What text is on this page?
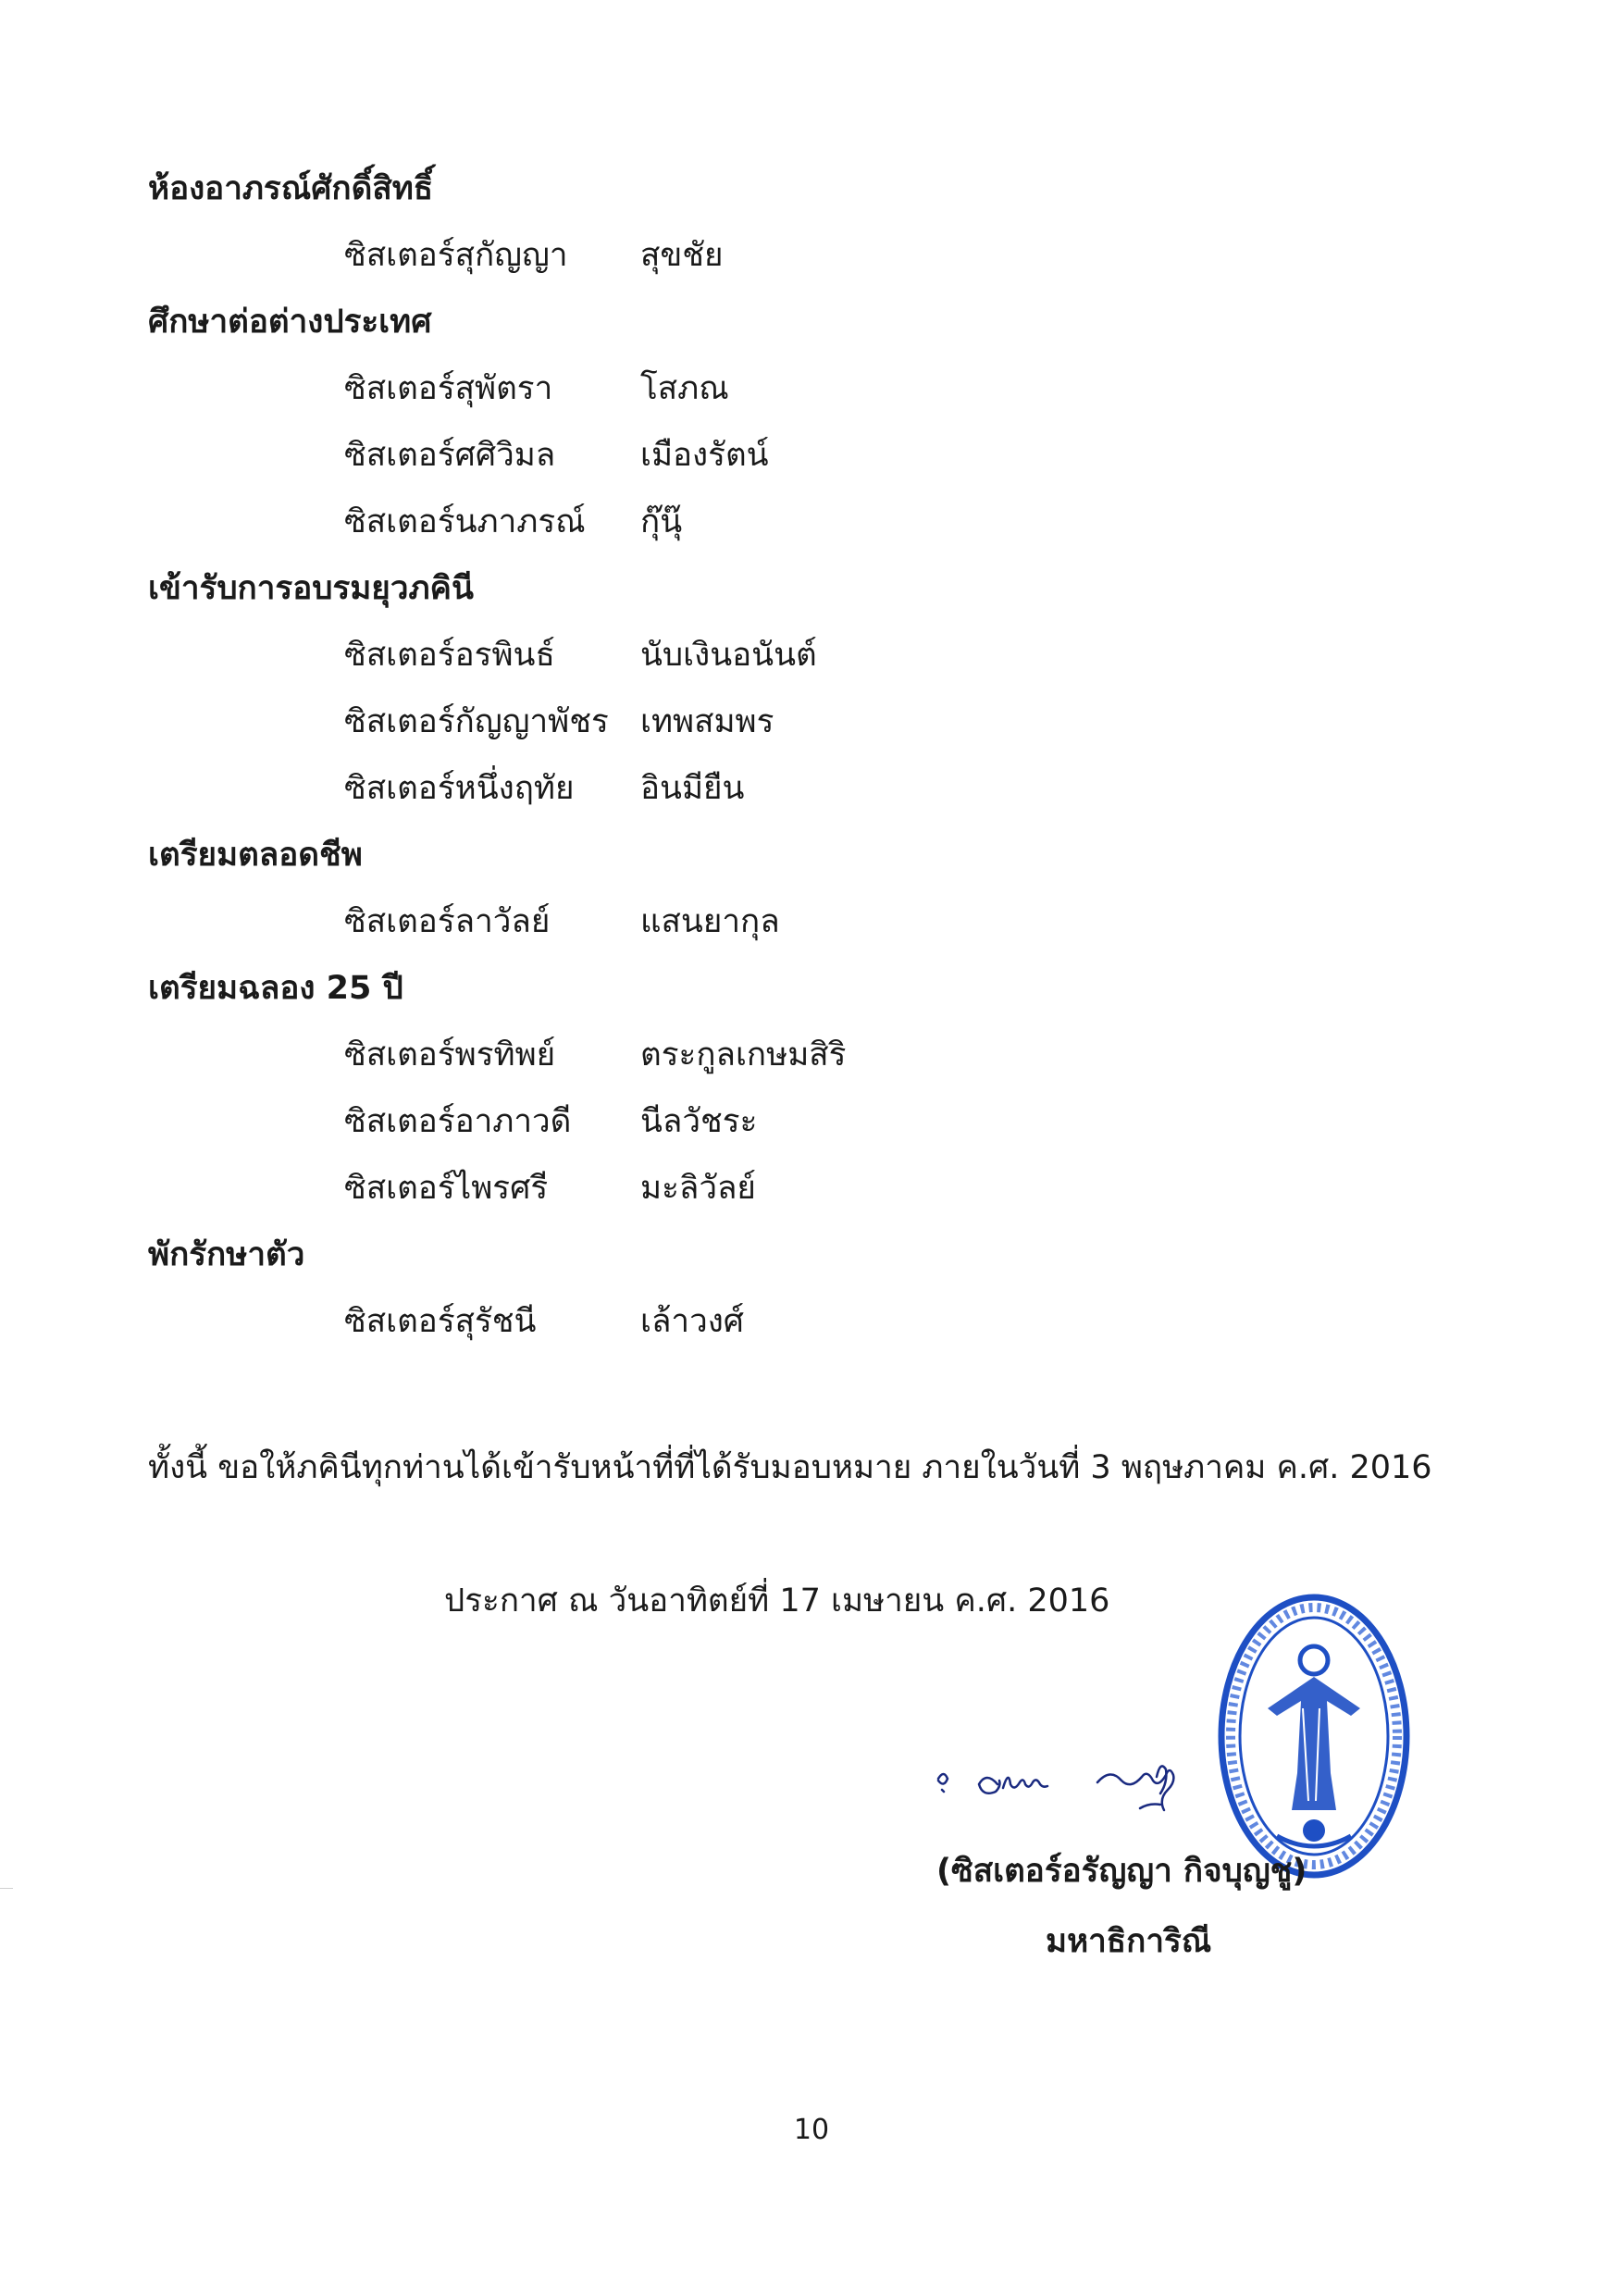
ห้องอาภรณ์ศักดิ์สิทธิ์
ซิสเตอร์สุกัญญา สุขชัย
ศึกษาต่อต่างประเทศ
ซิสเตอร์สุพัตรา	โสภณ
ซิสเตอร์ศศิวิมล	เมืองรัตน์
ซิสเตอร์นภาภรณ์ กุ๊นุ๊
เข้ารับการอบรมยุวภคินี
ซิสเตอร์อรพินธ์	นับเงินอนันต์
ซิสเตอร์กัญญาพัชร เทพสมพร
ซิสเตอร์หนึ่งฤทัย อินมียืน
เตรียมตลอดชีพ
ซิสเตอร์ลาวัลย์	แสนยากุล
เตรียมฉลอง 25 ปี
ซิสเตอร์พรทิพย์	ตระกูลเกษมสิริ
ซิสเตอร์อาภาวดี นีลวัชระ
ซิสเตอร์ไพรศรี	มะลิวัลย์
พักรักษาตัว
ซิสเตอร์สุรัชนี	เล้าวงศ์
ทั้งนี้ ขอให้ภคินีทุกท่านได้เข้ารับหน้าที่ที่ได้รับมอบหมาย ภายในวันที่ 3 พฤษภาคม ค.ศ. 2016
ประกาศ ณ วันอาทิตย์ที่ 17 เมษายน ค.ศ. 2016
(ซิสเตอร์อรัญญา กิจบุญชู)
มหาธิการิณี
10
